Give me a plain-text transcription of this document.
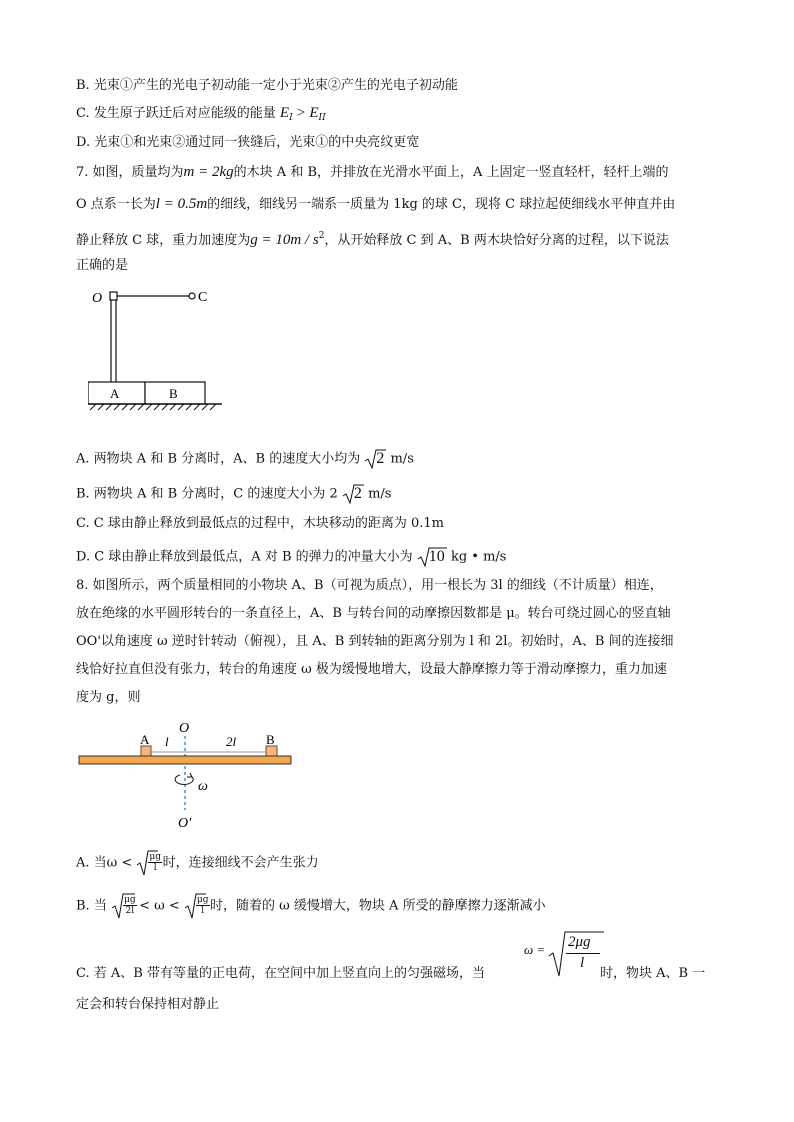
B. 光束①产生的光电子初动能一定小于光束②产生的光电子初动能
C. 发生原子跃迁后对应能级的能量 $E_I > E_{II}$
D. 光束①和光束②通过同一狭缝后，光束①的中央亮纹更宽
7. 如图，质量均为m = 2kg的木块 A 和 B，并排放在光滑水平面上，A 上固定一竖直轻杆，轻杆上端的
O 点系一长为l = 0.5m的细线，细线另一端系一质量为 1kg 的球 C，现将 C 球拉起使细线水平伸直并由
静止释放 C 球，重力加速度为$g = 10m / s^2$，从开始释放 C 到 A、B 两木块恰好分离的过程，以下说法
正确的是
O	C
A	B
A. 两物块 A 和 B 分离时，A、B 的速度大小均为 2 m/s
B. 两物块 A 和 B 分离时，C 的速度大小为 2 2 m/s
C. C 球由静止释放到最低点的过程中，木块移动的距离为 0.1m
D. C 球由静止释放到最低点，A 对 B 的弹力的冲量大小为 10 kg • m/s
8. 如图所示，两个质量相同的小物块 A、B（可视为质点），用一根长为 3l 的细线（不计质量）相连，
放在绝缘的水平圆形转台的一条直径上，A、B 与转台间的动摩擦因数都是 μ。转台可绕过圆心的竖直轴
OO'以角速度 ω 逆时针转动（俯视），且 A、B 到转轴的距离分别为 l 和 2l。初始时，A、B 间的连接细
线恰好拉直但没有张力，转台的角速度 ω 极为缓慢地增大，设最大静摩擦力等于滑动摩擦力，重力加速
度为 g，则
O
A	B
l	2l
ω
O′
A. 当$\omega < \frac{\mu g}{l}$ 时，连接细线不会产生张力
B. 当 $\frac{\mu g}{2l} < \omega < \frac{\mu g}{l}$ 时，随着的 ω 缓慢增大，物块 A 所受的静摩擦力逐渐减小
ω = 2μg
l
C. 若 A、B 带有等量的正电荷，在空间中加上竖直向上的匀强磁场，当	时，物块 A、B 一
定会和转台保持相对静止
